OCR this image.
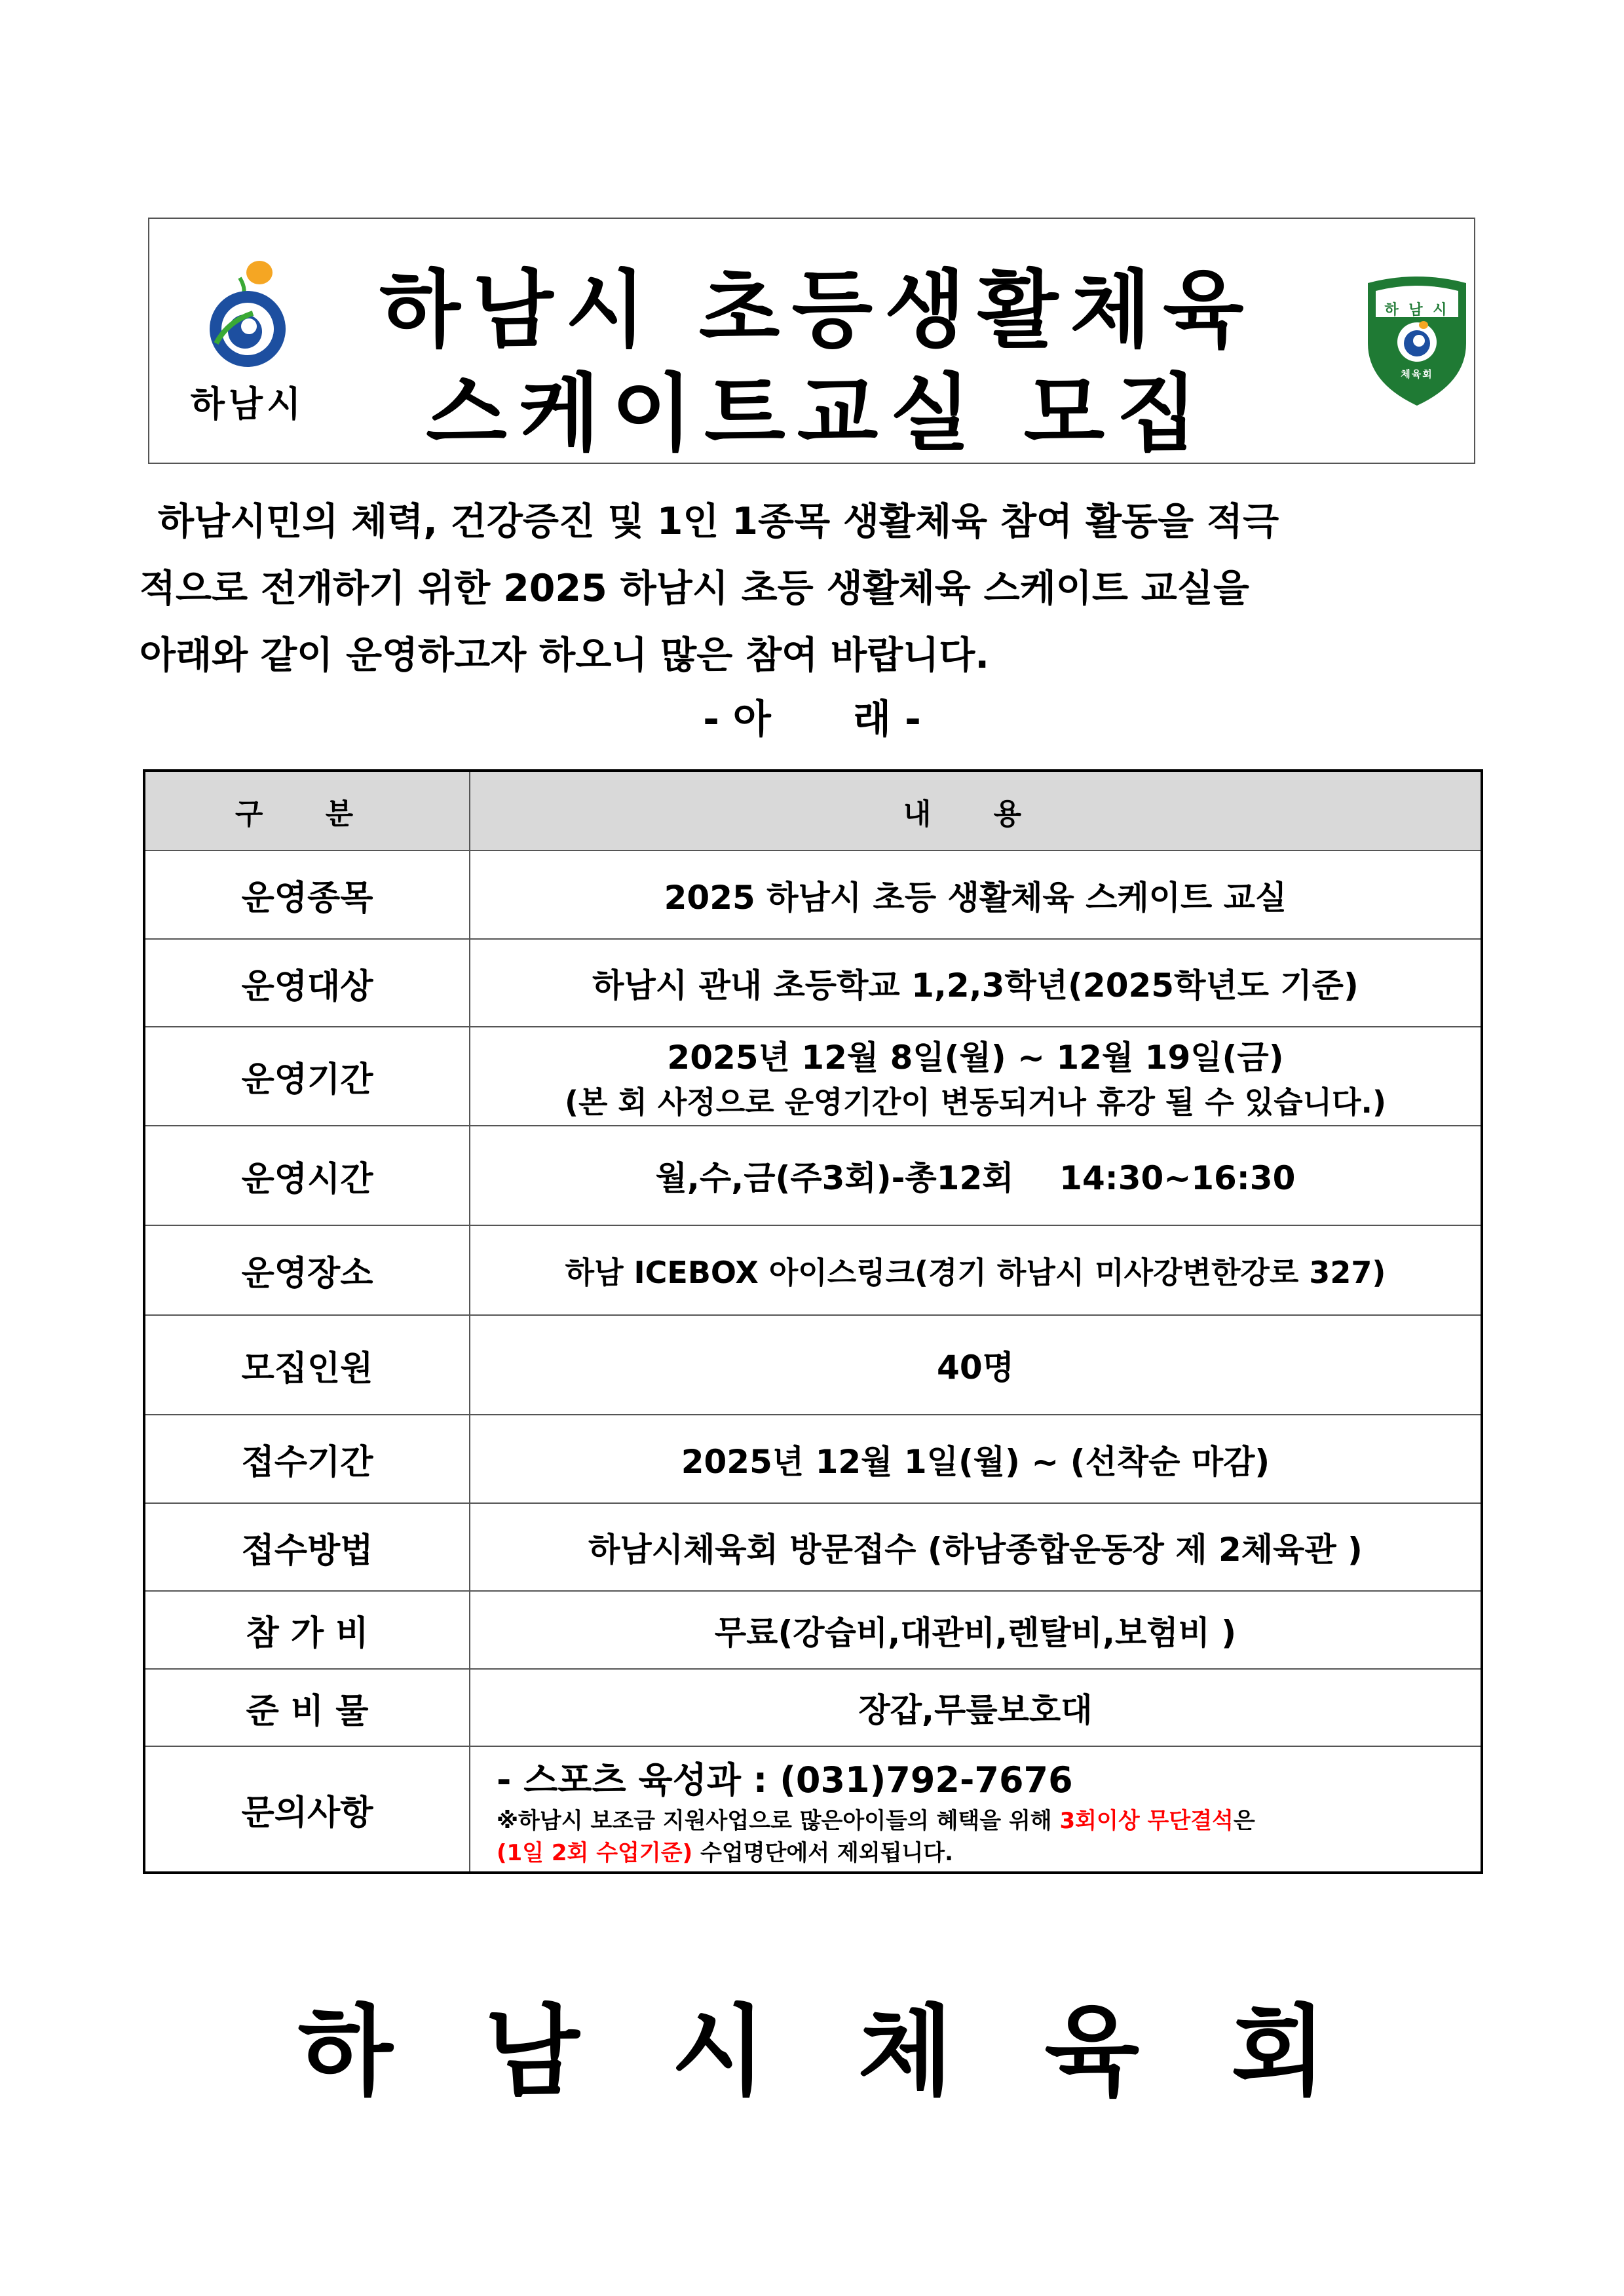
하남시
하남시 초등생활체육
스케이트교실 모집
하 남 시
체육회
하남시민의 체력, 건강증진 및 1인 1종목 생활체육 참여 활동을 적극
적으로 전개하기 위한 2025 하남시 초등 생활체육 스케이트 교실을
아래와 같이 운영하고자 하오니 많은 참여 바랍니다.
- 아      래 -
구 분	내 용
운영종목	2025 하남시 초등 생활체육 스케이트 교실
운영대상	하남시 관내 초등학교 1,2,3학년(2025학년도 기준)
운영기간	2025년 12월 8일(월) ~ 12월 19일(금)
(본 회 사정으로 운영기간이 변동되거나 휴강 될 수 있습니다.)

운영시간	월,수,금(주3회)-총12회    14:30~16:30
운영장소	하남 ICEBOX 아이스링크(경기 하남시 미사강변한강로 327)
모집인원	40명
접수기간	2025년 12월 1일(월) ~ (선착순 마감)
접수방법	하남시체육회 방문접수 (하남종합운동장 제 2체육관 )
참 가 비	무료(강습비,대관비,렌탈비,보험비 )
준 비 물	장갑,무릎보호대
문의사항	- 스포츠 육성과 : (031)792-7676
※하남시 보조금 지원사업으로 많은아이들의 혜택을 위해 3회이상 무단결석은
(1일 2회 수업기준) 수업명단에서 제외됩니다.
하남시체육회
